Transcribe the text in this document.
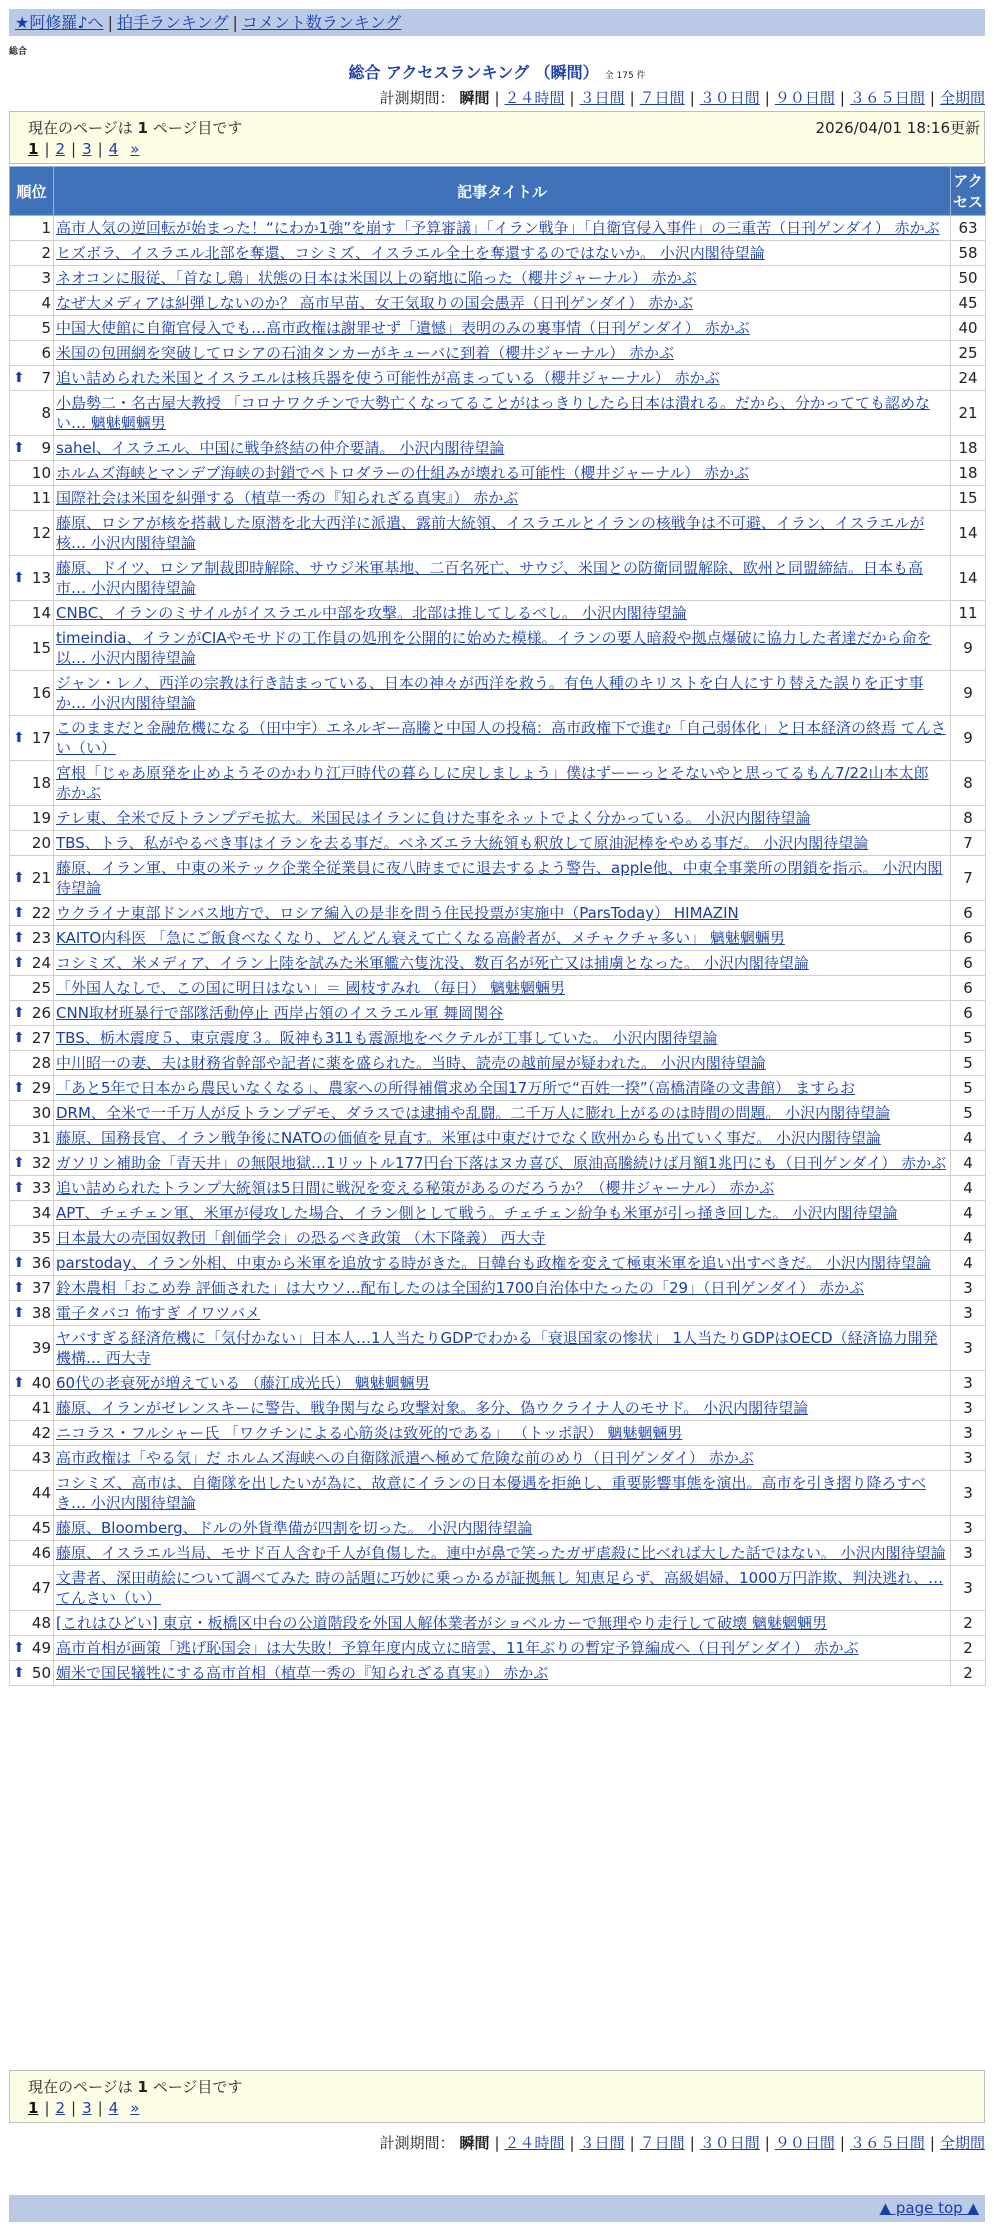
★阿修羅♪へ | 拍手ランキング | コメント数ランキング
総合
総合 アクセスランキング （瞬間） 全 175 件
計測期間： 瞬間 | ２４時間 | ３日間 | ７日間 | ３０日間 | ９０日間 | ３６５日間 | 全期間
現在のページは 1 ページ目です	2026/04/01 18:16更新
1 | 2 | 3 | 4 »
順位	記事タイトル	アクセス
1	高市人気の逆回転が始まった！“にわか1強”を崩す「予算審議」「イラン戦争」「自衛官侵入事件」の三重苦（日刊ゲンダイ） 赤かぶ	63
2	ヒズボラ、イスラエル北部を奪還、コシミズ、イスラエル全土を奪還するのではないか。 小沢内閣待望論	58
3	ネオコンに服従、「首なし鶏」状態の日本は米国以上の窮地に陥った（櫻井ジャーナル） 赤かぶ	50
4	なぜ大メディアは糾弾しないのか？ 高市早苗、女王気取りの国会愚弄（日刊ゲンダイ） 赤かぶ	45
5	中国大使館に自衛官侵入でも…高市政権は謝罪せず「遺憾」表明のみの裏事情（日刊ゲンダイ） 赤かぶ	40
6	米国の包囲網を突破してロシアの石油タンカーがキューバに到着（櫻井ジャーナル） 赤かぶ	25

⬆ 7	追い詰められた米国とイスラエルは核兵器を使う可能性が高まっている（櫻井ジャーナル） 赤かぶ	24
8	小島勢二・名古屋大教授 「コロナワクチンで大勢亡くなってることがはっきりしたら日本は潰れる。だから、分かってても認めない… 魑魅魍魎男	21

⬆ 9	sahel、イスラエル、中国に戦争終結の仲介要請。 小沢内閣待望論	18
10	ホルムズ海峡とマンデブ海峡の封鎖でペトロダラーの仕組みが壊れる可能性（櫻井ジャーナル） 赤かぶ	18
11	国際社会は米国を糾弾する（植草一秀の『知られざる真実』） 赤かぶ	15
12	藤原、ロシアが核を搭載した原潜を北大西洋に派遣、露前大統領、イスラエルとイランの核戦争は不可避、イラン、イスラエルが核… 小沢内閣待望論	14

⬆ 13	藤原、ドイツ、ロシア制裁即時解除、サウジ米軍基地、二百名死亡、サウジ、米国との防衛同盟解除、欧州と同盟締結。日本も高市… 小沢内閣待望論	14
14	CNBC、イランのミサイルがイスラエル中部を攻撃。北部は推してしるべし。 小沢内閣待望論	11
15	timeindia、イランがCIAやモサドの工作員の処刑を公開的に始めた模様。イランの要人暗殺や拠点爆破に協力した者達だから命を以… 小沢内閣待望論	9
16	ジャン・レノ、西洋の宗教は行き詰まっている、日本の神々が西洋を救う。有色人種のキリストを白人にすり替えた誤りを正す事か… 小沢内閣待望論	9

⬆ 17	このままだと金融危機になる（田中宇）エネルギー高騰と中国人の投稿：高市政権下で進む「自己弱体化」と日本経済の終焉 てんさい（い）	9
18	宮根「じゃあ原発を止めようそのかわり江戸時代の暮らしに戻しましょう」僕はずーーっとそないやと思ってるもん7/22山本太郎 赤かぶ	8
19	テレ東、全米で反トランプデモ拡大。米国民はイランに負けた事をネットでよく分かっている。 小沢内閣待望論	8
20	TBS、トラ、私がやるべき事はイランを去る事だ。ベネズエラ大統領も釈放して原油泥棒をやめる事だ。 小沢内閣待望論	7

⬆ 21	藤原、イラン軍、中東の米テック企業全従業員に夜八時までに退去するよう警告、apple他、中東全事業所の閉鎖を指示。 小沢内閣待望論	7

⬆ 22	ウクライナ東部ドンバス地方で、ロシア編入の是非を問う住民投票が実施中（ParsToday） HIMAZIN	6

⬆ 23	KAITO内科医 「急にご飯食べなくなり、どんどん衰えて亡くなる高齢者が、メチャクチャ多い」 魑魅魍魎男	6

⬆ 24	コシミズ、米メディア、イラン上陸を試みた米軍艦六隻沈没、数百名が死亡又は捕虜となった。 小沢内閣待望論	6
25	「外国人なしで、この国に明日はない」＝ 國枝すみれ （毎日） 魑魅魍魎男	6

⬆ 26	CNN取材班暴行で部隊活動停止 西岸占領のイスラエル軍 舞岡関谷	6

⬆ 27	TBS、栃木震度５、東京震度３。阪神も311も震源地をベクテルが工事していた。 小沢内閣待望論	5
28	中川昭一の妻、夫は財務省幹部や記者に薬を盛られた。当時、読売の越前屋が疑われた。 小沢内閣待望論	5

⬆ 29	「あと5年で日本から農民いなくなる」、農家への所得補償求め全国17万所で“百姓一揆”（高橋清隆の文書館） ますらお	5
30	DRM、全米で一千万人が反トランプデモ、ダラスでは逮捕や乱闘。二千万人に膨れ上がるのは時間の問題。 小沢内閣待望論	5
31	藤原、国務長官、イラン戦争後にNATOの価値を見直す。米軍は中東だけでなく欧州からも出ていく事だ。 小沢内閣待望論	4

⬆ 32	ガソリン補助金「青天井」の無限地獄…1リットル177円台下落はヌカ喜び、原油高騰続けば月額1兆円にも（日刊ゲンダイ） 赤かぶ	4

⬆ 33	追い詰められたトランプ大統領は5日間に戦況を変える秘策があるのだろうか？（櫻井ジャーナル） 赤かぶ	4
34	APT、チェチェン軍、米軍が侵攻した場合、イラン側として戦う。チェチェン紛争も米軍が引っ掻き回した。 小沢内閣待望論	4
35	日本最大の売国奴教団「創価学会」の恐るべき政策 （木下隆義） 西大寺	4

⬆ 36	parstoday、イラン外相、中東から米軍を追放する時がきた。日韓台も政権を変えて極東米軍を追い出すべきだ。 小沢内閣待望論	4

⬆ 37	鈴木農相「おこめ券 評価された」は大ウソ…配布したのは全国約1700自治体中たったの「29」（日刊ゲンダイ） 赤かぶ	3

⬆ 38	電子タバコ 怖すぎ イワツバメ	3
39	ヤバすぎる経済危機に「気付かない」日本人…1人当たりGDPでわかる「衰退国家の惨状」 1人当たりGDPはOECD（経済協力開発機構… 西大寺	3

⬆ 40	60代の老衰死が増えている （藤江成光氏） 魑魅魍魎男	3
41	藤原、イランがゼレンスキーに警告、戦争関与なら攻撃対象。多分、偽ウクライナ人のモサド。 小沢内閣待望論	3
42	ニコラス・フルシャー氏 「ワクチンによる心筋炎は致死的である」 （トッポ訳） 魑魅魍魎男	3
43	高市政権は「やる気」だ ホルムズ海峡への自衛隊派遣へ極めて危険な前のめり（日刊ゲンダイ） 赤かぶ	3
44	コシミズ、高市は、自衛隊を出したいが為に、故意にイランの日本優遇を拒絶し、重要影響事態を演出。高市を引き摺り降ろすべき… 小沢内閣待望論	3
45	藤原、Bloomberg、ドルの外貨準備が四割を切った。 小沢内閣待望論	3
46	藤原、イスラエル当局、モサド百人含む千人が負傷した。連中が鼻で笑ったガザ虐殺に比べれば大した話ではない。 小沢内閣待望論	3
47	文書者、深田萌絵について調べてみた 時の話題に巧妙に乗っかるが証拠無し 知恵足らず、高級娼婦、1000万円詐欺、判決逃れ、… てんさい（い）	3
48	[これはひどい] 東京・板橋区中台の公道階段を外国人解体業者がショベルカーで無理やり走行して破壊 魑魅魍魎男	2

⬆ 49	高市首相が画策「逃げ恥国会」は大失敗！予算年度内成立に暗雲、11年ぶりの暫定予算編成へ（日刊ゲンダイ） 赤かぶ	2

⬆ 50	媚米で国民犠牲にする高市首相（植草一秀の『知られざる真実』） 赤かぶ	2
現在のページは 1 ページ目です
1 | 2 | 3 | 4 »
計測期間： 瞬間 | ２４時間 | ３日間 | ７日間 | ３０日間 | ９０日間 | ３６５日間 | 全期間
▲ page top ▲
